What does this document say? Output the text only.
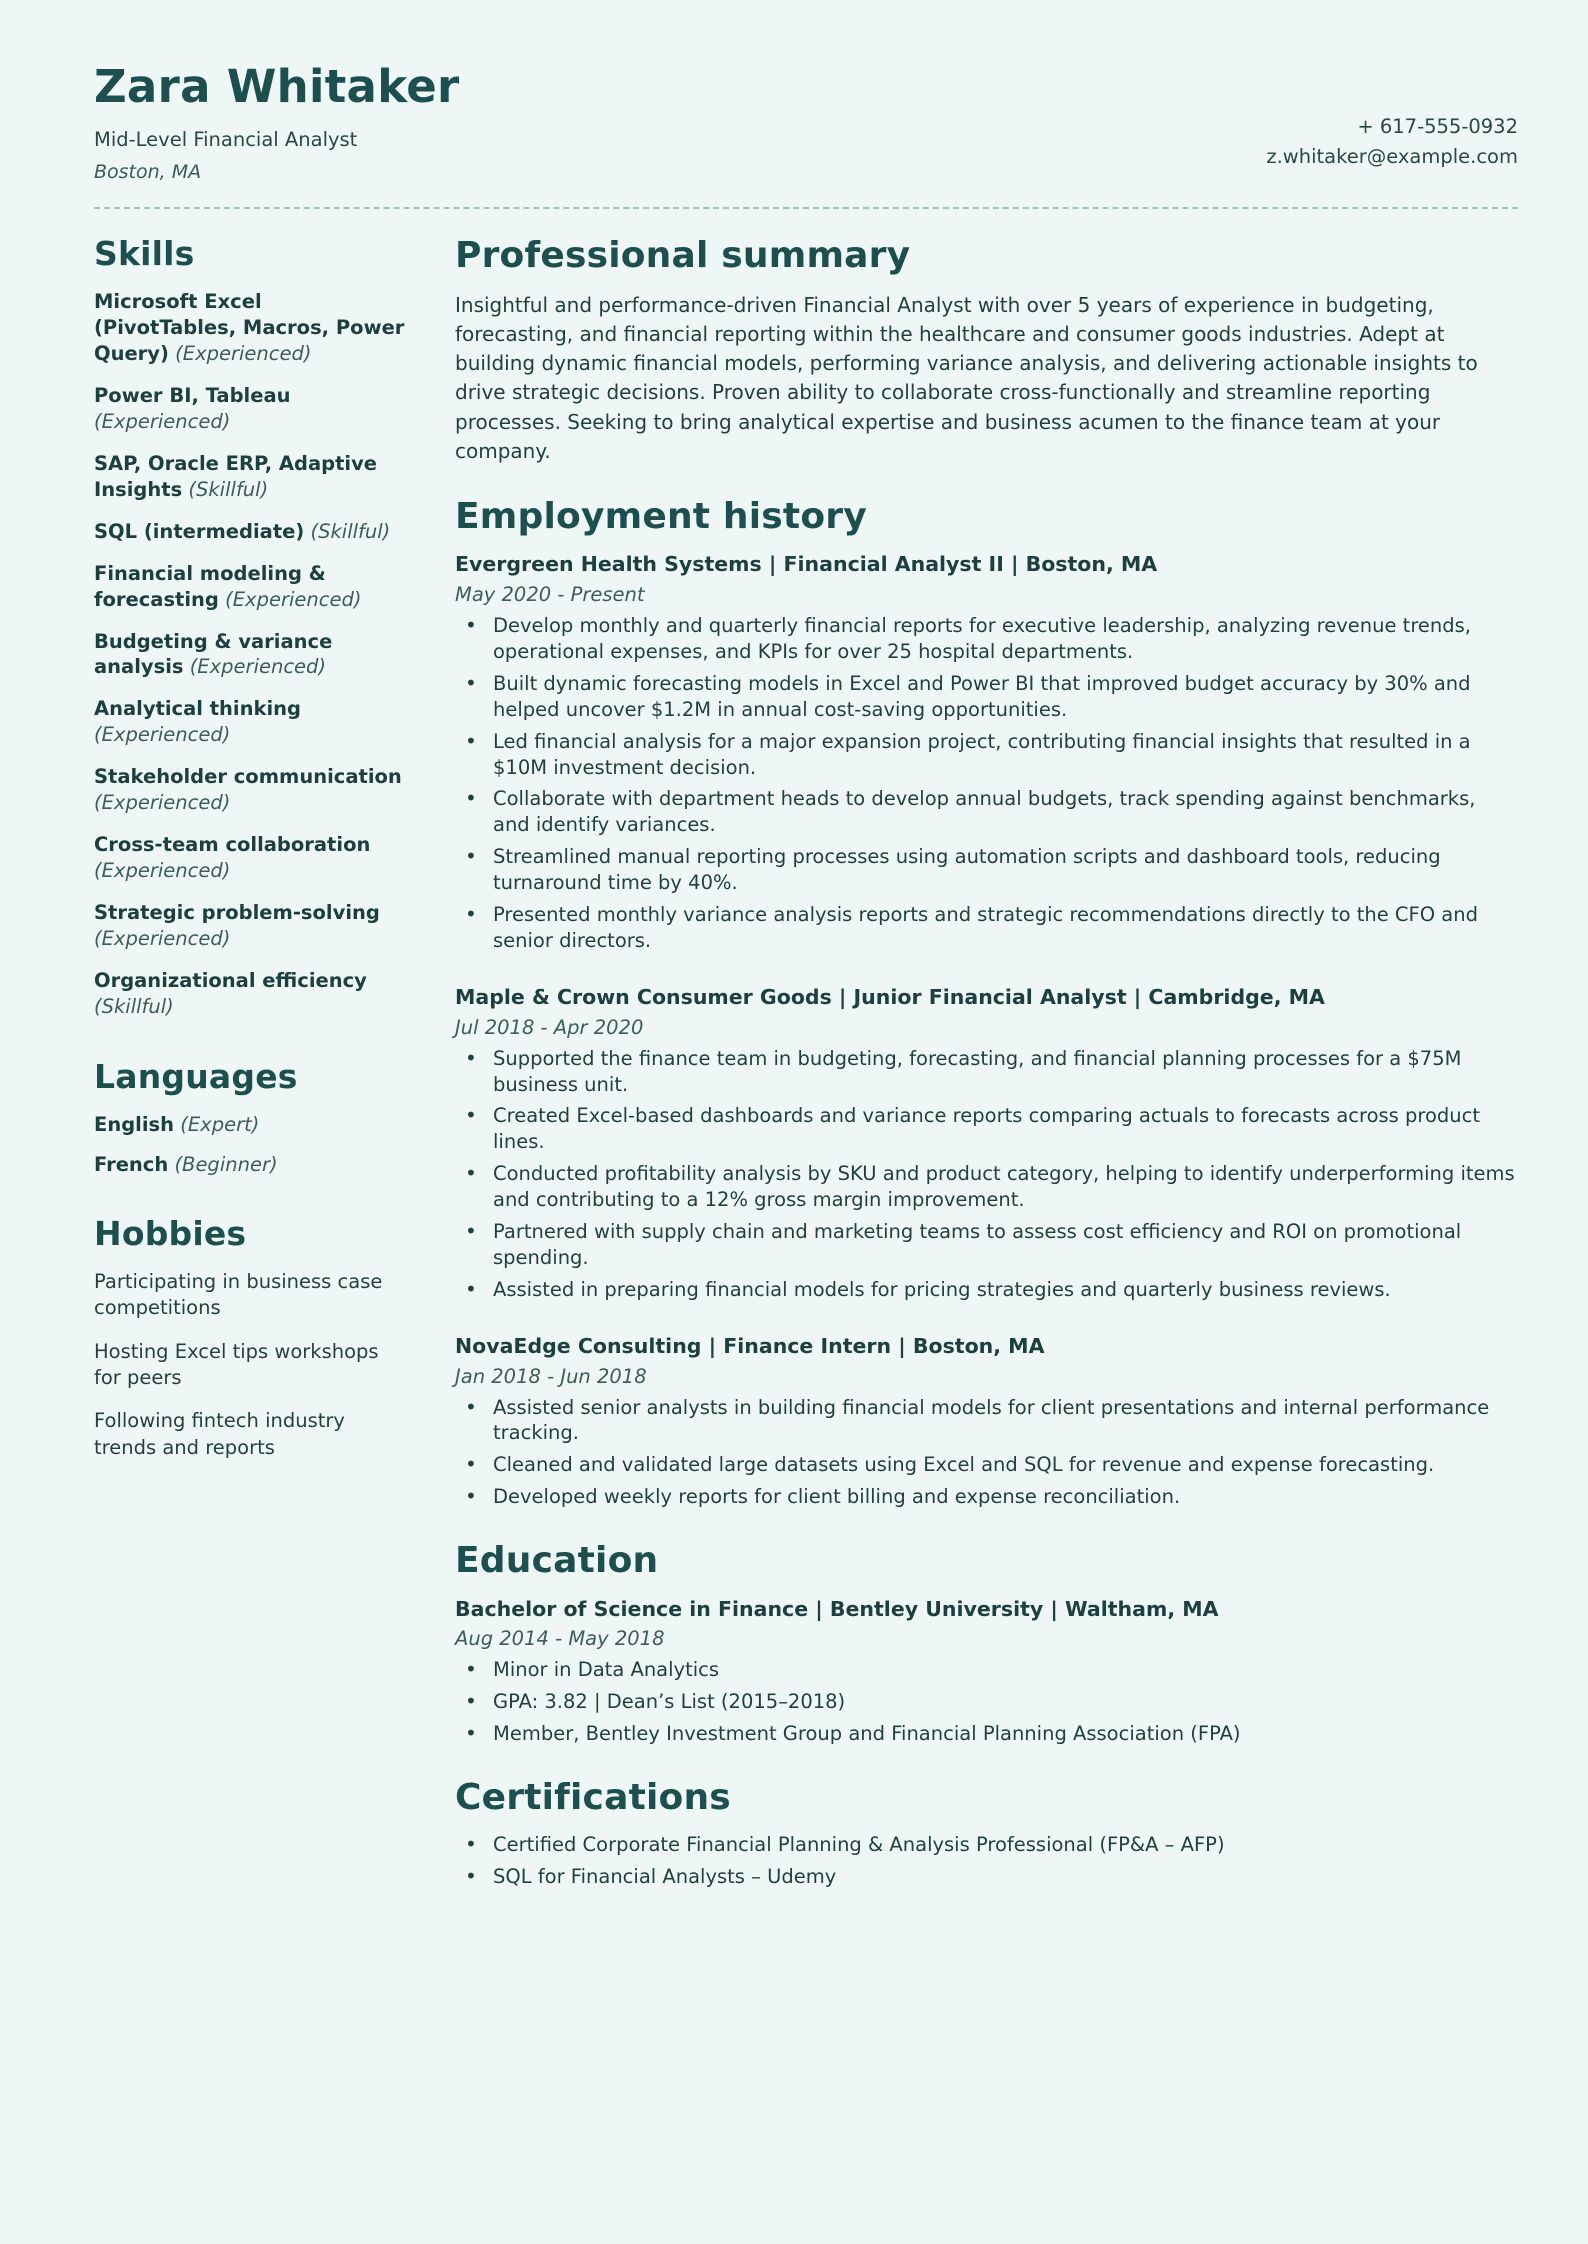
Zara Whitaker
Mid-Level Financial Analyst
Boston, MA
+ 617-555-0932
z.whitaker@example.com
Skills
Microsoft Excel (PivotTables, Macros, Power Query) (Experienced)
Power BI, Tableau (Experienced)
SAP, Oracle ERP, Adaptive Insights (Skillful)
SQL (intermediate) (Skillful)
Financial modeling & forecasting (Experienced)
Budgeting & variance analysis (Experienced)
Analytical thinking (Experienced)
Stakeholder communication (Experienced)
Cross-team collaboration (Experienced)
Strategic problem-solving (Experienced)
Organizational efficiency (Skillful)
Languages
English (Expert)
French (Beginner)
Hobbies
Participating in business case competitions
Hosting Excel tips workshops for peers
Following fintech industry trends and reports
Professional summary
Insightful and performance-driven Financial Analyst with over 5 years of experience in budgeting, forecasting, and financial reporting within the healthcare and consumer goods industries. Adept at building dynamic financial models, performing variance analysis, and delivering actionable insights to drive strategic decisions. Proven ability to collaborate cross-functionally and streamline reporting processes. Seeking to bring analytical expertise and business acumen to the finance team at your company.
Employment history
Evergreen Health Systems | Financial Analyst II | Boston, MA
May 2020 - Present
• Develop monthly and quarterly financial reports for executive leadership, analyzing revenue trends, operational expenses, and KPIs for over 25 hospital departments.
• Built dynamic forecasting models in Excel and Power BI that improved budget accuracy by 30% and helped uncover $1.2M in annual cost-saving opportunities.
• Led financial analysis for a major expansion project, contributing financial insights that resulted in a $10M investment decision.
• Collaborate with department heads to develop annual budgets, track spending against benchmarks, and identify variances.
• Streamlined manual reporting processes using automation scripts and dashboard tools, reducing turnaround time by 40%.
• Presented monthly variance analysis reports and strategic recommendations directly to the CFO and senior directors.
Maple & Crown Consumer Goods | Junior Financial Analyst | Cambridge, MA
Jul 2018 - Apr 2020
• Supported the finance team in budgeting, forecasting, and financial planning processes for a $75M business unit.
• Created Excel-based dashboards and variance reports comparing actuals to forecasts across product lines.
• Conducted profitability analysis by SKU and product category, helping to identify underperforming items and contributing to a 12% gross margin improvement.
• Partnered with supply chain and marketing teams to assess cost efficiency and ROI on promotional spending.
• Assisted in preparing financial models for pricing strategies and quarterly business reviews.
NovaEdge Consulting | Finance Intern | Boston, MA
Jan 2018 - Jun 2018
• Assisted senior analysts in building financial models for client presentations and internal performance tracking.
• Cleaned and validated large datasets using Excel and SQL for revenue and expense forecasting.
• Developed weekly reports for client billing and expense reconciliation.
Education
Bachelor of Science in Finance | Bentley University | Waltham, MA
Aug 2014 - May 2018
• Minor in Data Analytics
• GPA: 3.82 | Dean’s List (2015–2018)
• Member, Bentley Investment Group and Financial Planning Association (FPA)
Certifications
• Certified Corporate Financial Planning & Analysis Professional (FP&A – AFP)
• SQL for Financial Analysts – Udemy
